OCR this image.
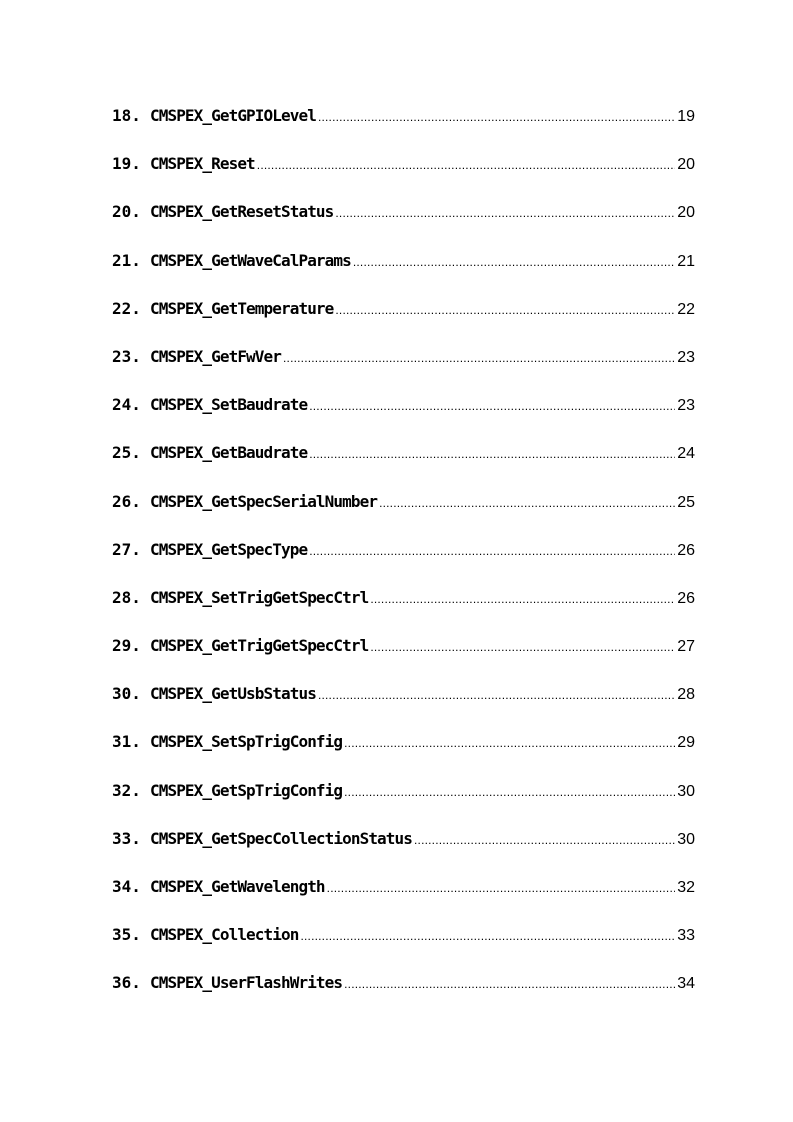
18. CMSPEX_GetGPIOLevel .....	19
19. CMSPEX_Reset .....	20
20. CMSPEX_GetResetStatus .....	20
21. CMSPEX_GetWaveCalParams .....	21
22. CMSPEX_GetTemperature .....	22
23. CMSPEX_GetFwVer .....	23
24. CMSPEX_SetBaudrate .....	23
25. CMSPEX_GetBaudrate .....	24
26. CMSPEX_GetSpecSerialNumber .....	25
27. CMSPEX_GetSpecType .....	26
28. CMSPEX_SetTrigGetSpecCtrl .....	26
29. CMSPEX_GetTrigGetSpecCtrl .....	27
30. CMSPEX_GetUsbStatus .....	28
31. CMSPEX_SetSpTrigConfig .....	29
32. CMSPEX_GetSpTrigConfig .....	30
33. CMSPEX_GetSpecCollectionStatus .....	30
34. CMSPEX_GetWavelength .....	32
35. CMSPEX_Collection .....	33
36. CMSPEX_UserFlashWrites .....	34
